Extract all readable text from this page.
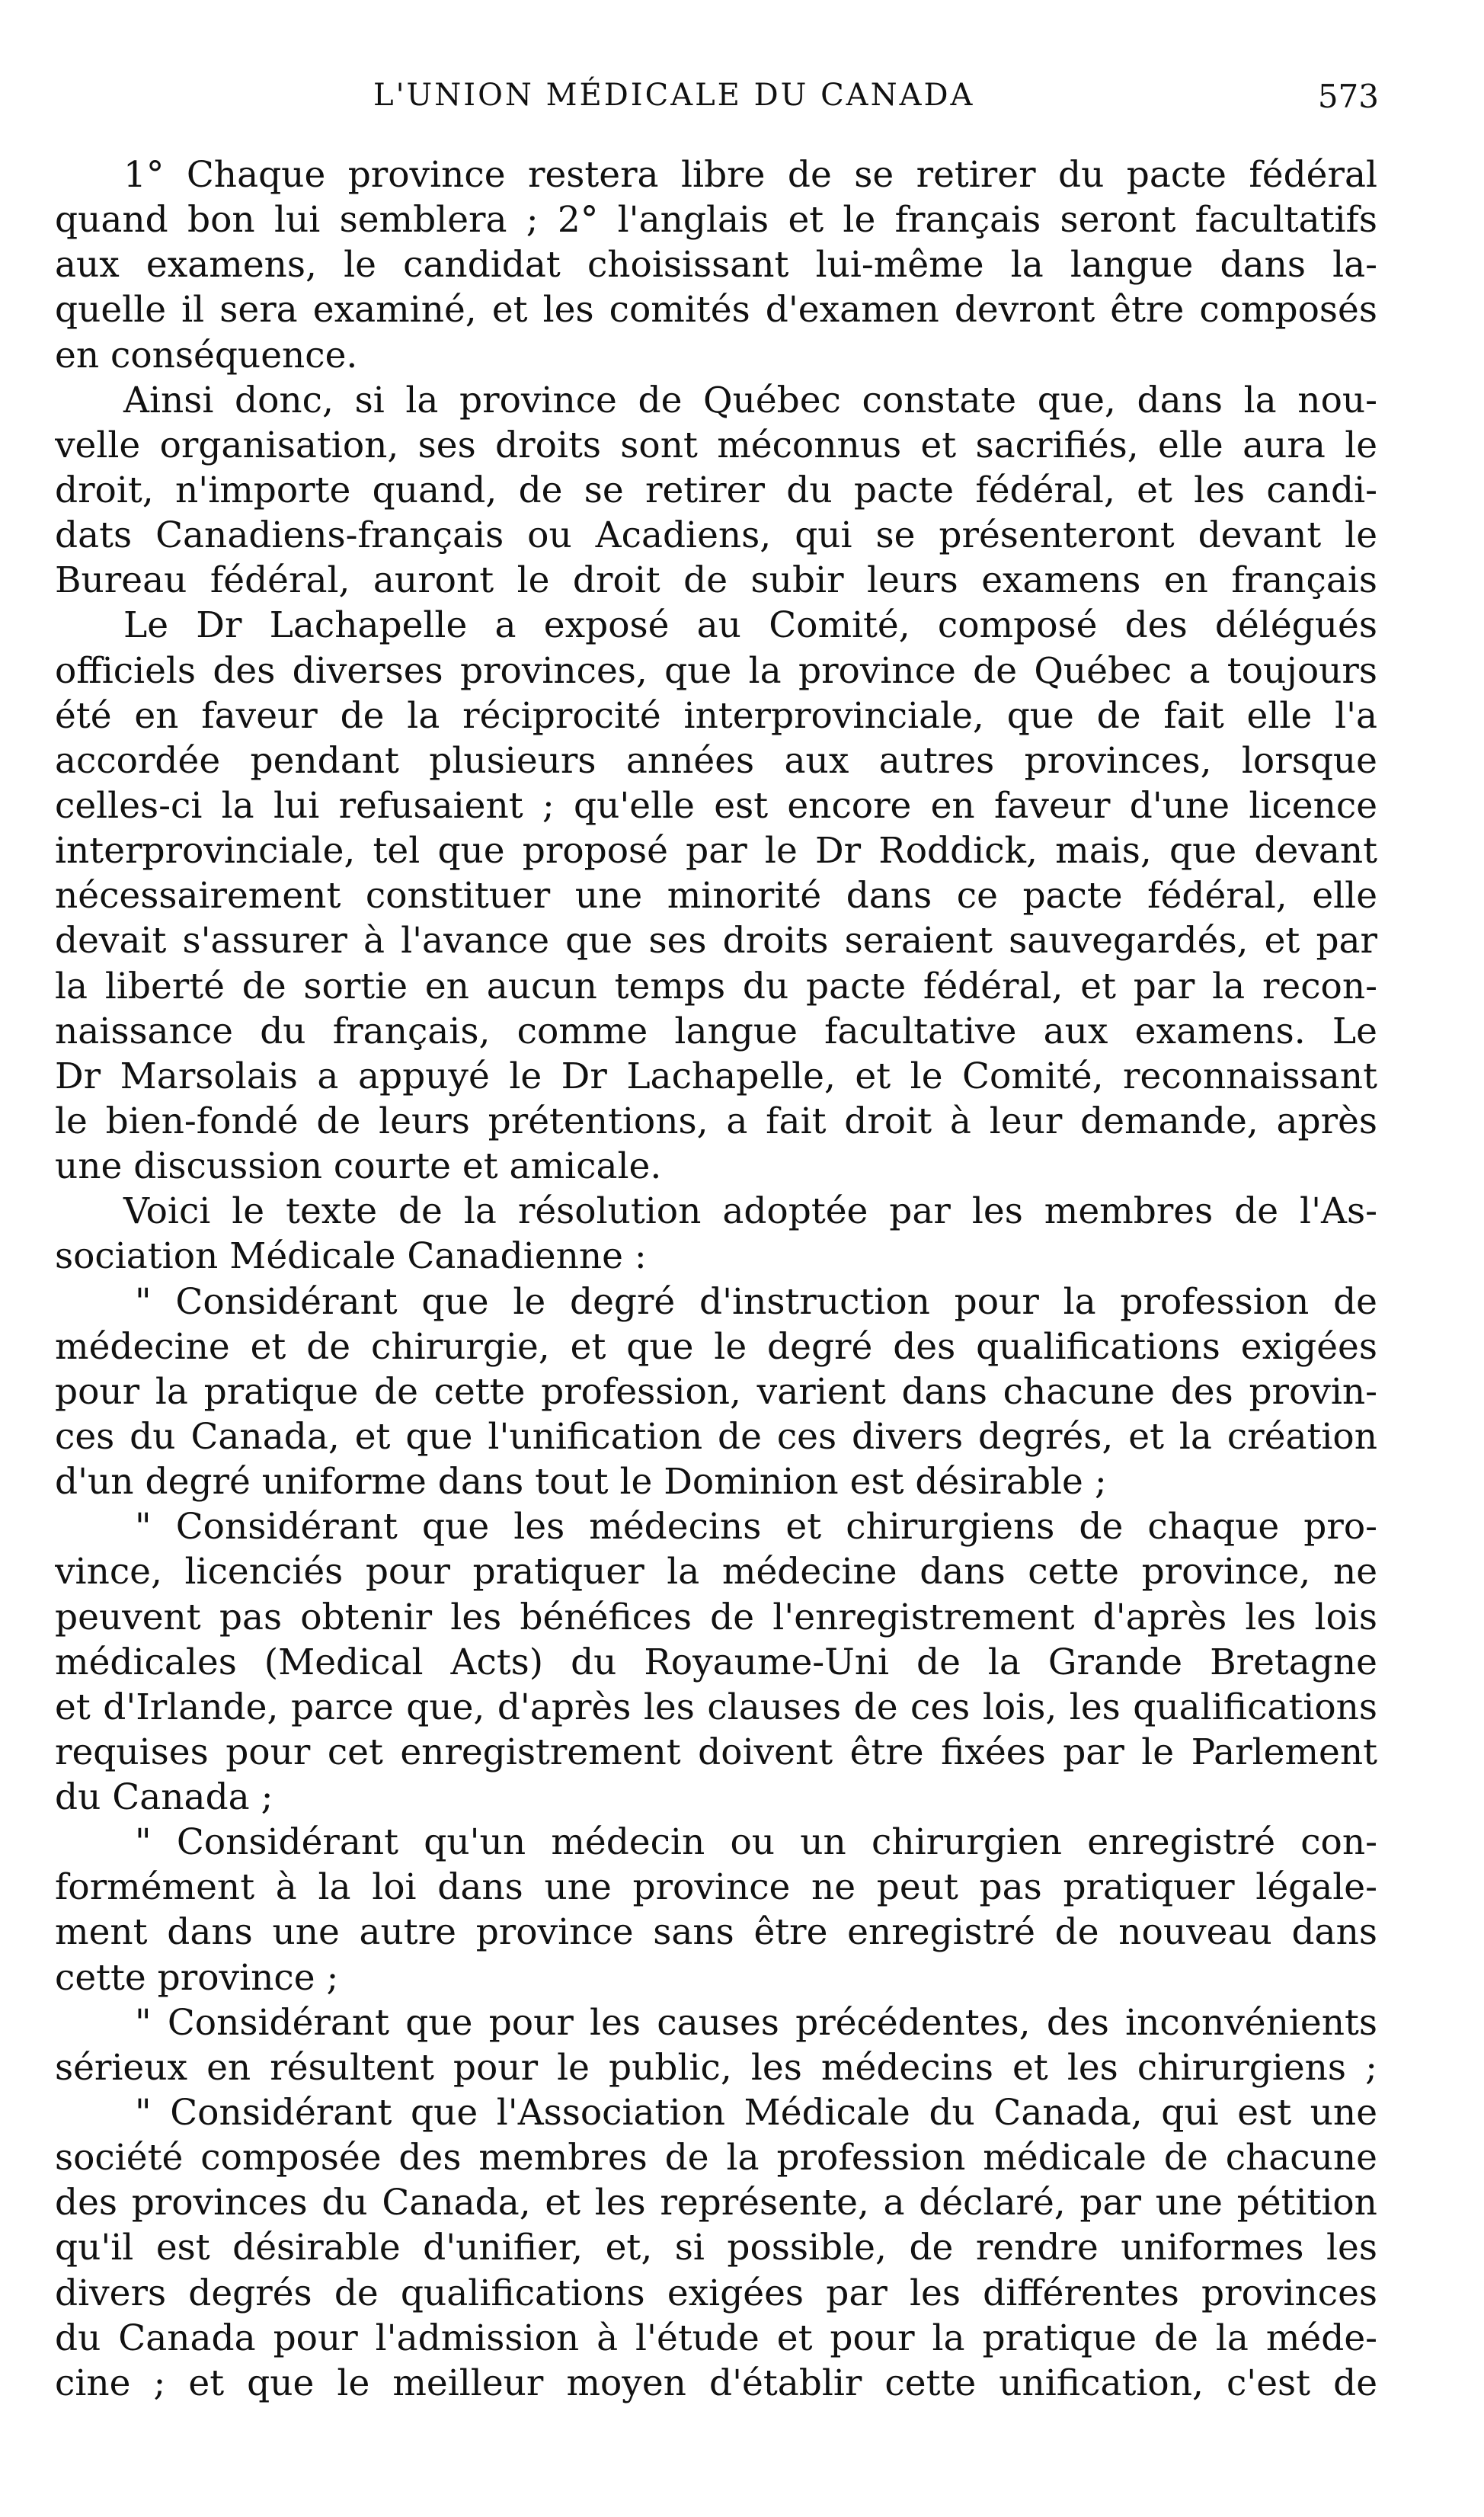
L'UNION MÉDICALE DU CANADA	573
1° Chaque province restera libre de se retirer du pacte fédéral
quand bon lui semblera ; 2° l'anglais et le français seront facultatifs
aux examens, le candidat choisissant lui-même la langue dans la-
quelle il sera examiné, et les comités d'examen devront être composés
en conséquence.
Ainsi donc, si la province de Québec constate que, dans la nou-
velle organisation, ses droits sont méconnus et sacrifiés, elle aura le
droit, n'importe quand, de se retirer du pacte fédéral, et les candi-
dats Canadiens-français ou Acadiens, qui se présenteront devant le
Bureau fédéral, auront le droit de subir leurs examens en français
Le Dr Lachapelle a exposé au Comité, composé des délégués
officiels des diverses provinces, que la province de Québec a toujours
été en faveur de la réciprocité interprovinciale, que de fait elle l'a
accordée pendant plusieurs années aux autres provinces, lorsque
celles-ci la lui refusaient ; qu'elle est encore en faveur d'une licence
interprovinciale, tel que proposé par le Dr Roddick, mais, que devant
nécessairement constituer une minorité dans ce pacte fédéral, elle
devait s'assurer à l'avance que ses droits seraient sauvegardés, et par
la liberté de sortie en aucun temps du pacte fédéral, et par la recon-
naissance du français, comme langue facultative aux examens. Le
Dr Marsolais a appuyé le Dr Lachapelle, et le Comité, reconnaissant
le bien-fondé de leurs prétentions, a fait droit à leur demande, après
une discussion courte et amicale.
Voici le texte de la résolution adoptée par les membres de l'As-
sociation Médicale Canadienne :
" Considérant que le degré d'instruction pour la profession de
médecine et de chirurgie, et que le degré des qualifications exigées
pour la pratique de cette profession, varient dans chacune des provin-
ces du Canada, et que l'unification de ces divers degrés, et la création
d'un degré uniforme dans tout le Dominion est désirable ;
" Considérant que les médecins et chirurgiens de chaque pro-
vince, licenciés pour pratiquer la médecine dans cette province, ne
peuvent pas obtenir les bénéfices de l'enregistrement d'après les lois
médicales (Medical Acts) du Royaume-Uni de la Grande Bretagne
et d'Irlande, parce que, d'après les clauses de ces lois, les qualifications
requises pour cet enregistrement doivent être fixées par le Parlement
du Canada ;
" Considérant qu'un médecin ou un chirurgien enregistré con-
formément à la loi dans une province ne peut pas pratiquer légale-
ment dans une autre province sans être enregistré de nouveau dans
cette province ;
" Considérant que pour les causes précédentes, des inconvénients
sérieux en résultent pour le public, les médecins et les chirurgiens ;
" Considérant que l'Association Médicale du Canada, qui est une
société composée des membres de la profession médicale de chacune
des provinces du Canada, et les représente, a déclaré, par une pétition
qu'il est désirable d'unifier, et, si possible, de rendre uniformes les
divers degrés de qualifications exigées par les différentes provinces
du Canada pour l'admission à l'étude et pour la pratique de la méde-
cine ; et que le meilleur moyen d'établir cette unification, c'est de
